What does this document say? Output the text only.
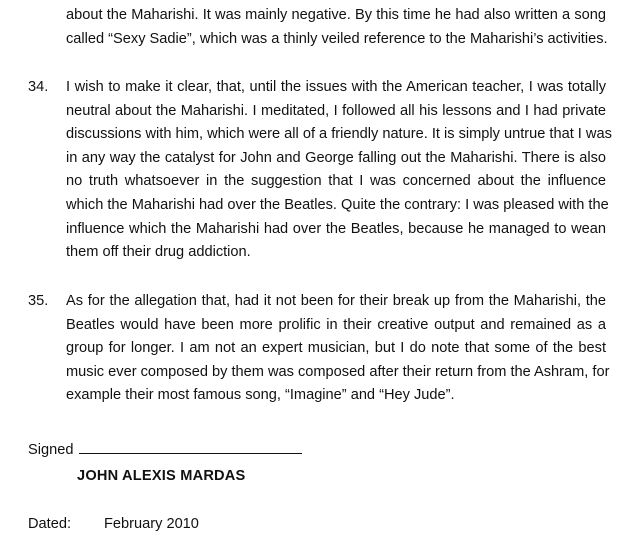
about the Maharishi. It was mainly negative. By this time he had also written a song
called “Sexy Sadie”, which was a thinly veiled reference to the Maharishi’s activities.
34. I wish to make it clear, that, until the issues with the American teacher, I was totally
neutral about the Maharishi. I meditated, I followed all his lessons and I had private
discussions with him, which were all of a friendly nature. It is simply untrue that I was
in any way the catalyst for John and George falling out the Maharishi. There is also
no truth whatsoever in the suggestion that I was concerned about the influence
which the Maharishi had over the Beatles. Quite the contrary: I was pleased with the
influence which the Maharishi had over the Beatles, because he managed to wean
them off their drug addiction.
35. As for the allegation that, had it not been for their break up from the Maharishi, the
Beatles would have been more prolific in their creative output and remained as a
group for longer. I am not an expert musician, but I do note that some of the best
music ever composed by them was composed after their return from the Ashram, for
example their most famous song, “Imagine” and “Hey Jude”.
Signed
JOHN ALEXIS MARDAS
Dated: February 2010
